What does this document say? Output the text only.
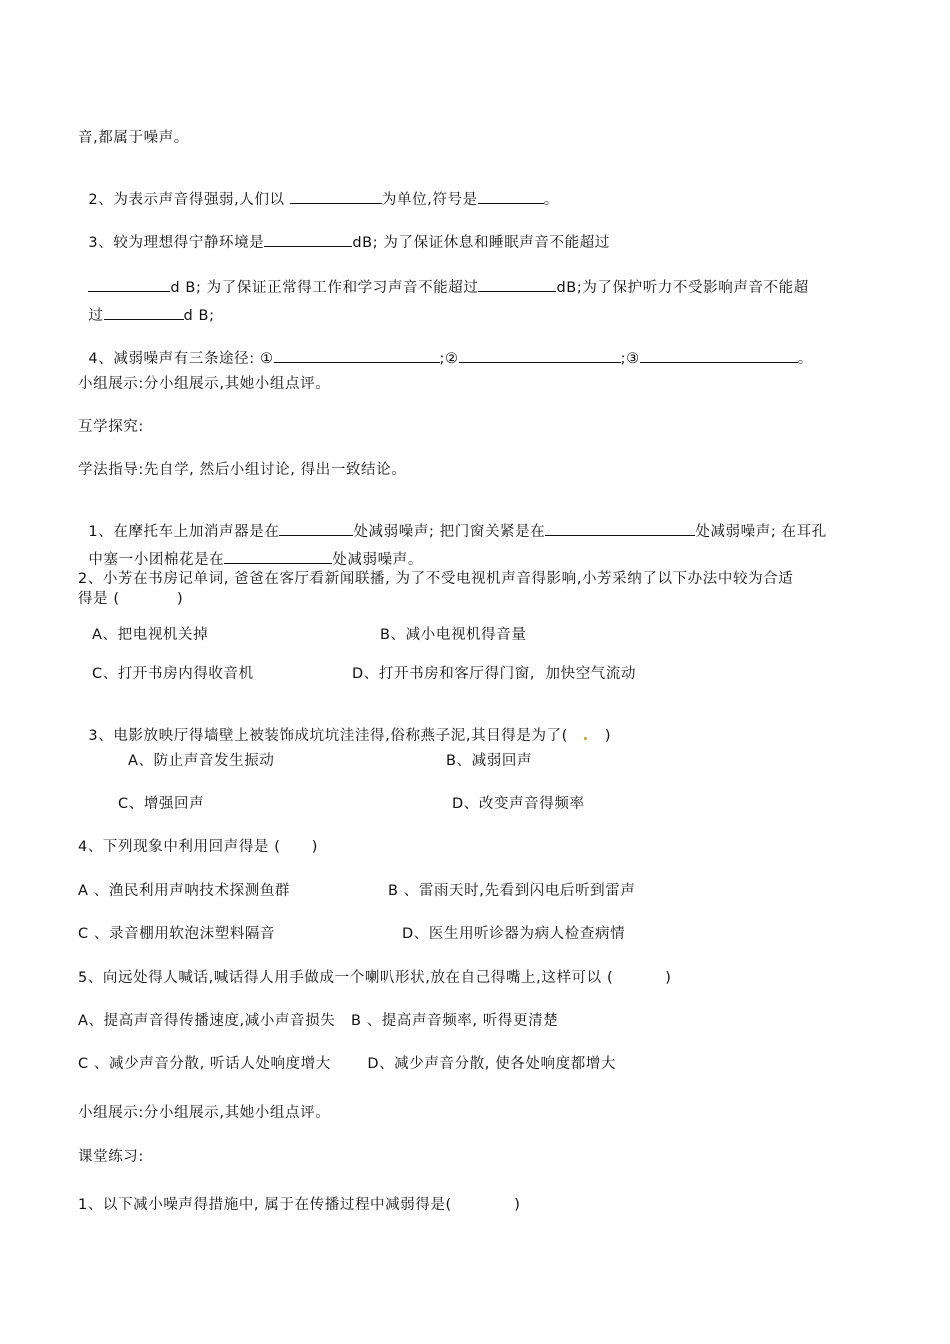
音,都属于噪声。

2、为表示声音得强弱,人们以	为单位,符号是	。

3、较为理想得宁静环境是	dB; 为了保证休息和睡眠声音不能超过

d B; 为了保证正常得工作和学习声音不能超过	dB;为了保护听力不受影响声音不能超

过	d B;

4、减弱噪声有三条途径: ①	;②	;③	。

小组展示:分小组展示,其她小组点评。
互学探究:
学法指导:先自学, 然后小组讨论, 得出一致结论。

1、在摩托车上加消声器是在	处减弱噪声; 把门窗关紧是在	处减弱噪声; 在耳孔

中塞一小团棉花是在	处减弱噪声。

2、小芳在书房记单词, 爸爸在客厅看新闻联播, 为了不受电视机声音得影响,小芳采纳了以下办法中较为合适
得是 (           )
A、把电视机关掉	B、减小电视机得音量
C、打开书房内得收音机	D、打开书房和客厅得门窗,  加快空气流动

3、电影放映厅得墙壁上被装饰成坑坑洼洼得,俗称燕子泥,其目得是为了(	)

A、防止声音发生振动	B、减弱回声
C、增强回声	D、改变声音得频率
4、下列现象中利用回声得是 (      )
A 、渔民利用声呐技术探测鱼群	B 、雷雨天时,先看到闪电后听到雷声
C 、录音棚用软泡沫塑料隔音	D、医生用听诊器为病人检查病情
5、向远处得人喊话,喊话得人用手做成一个喇叭形状,放在自己得嘴上,这样可以 (          )
A、提高声音得传播速度,减小声音损失   B 、提高声音频率, 听得更清楚
C 、减少声音分散, 听话人处响度增大       D、减少声音分散, 使各处响度都增大
小组展示:分小组展示,其她小组点评。
课堂练习:
1、以下减小噪声得措施中, 属于在传播过程中减弱得是(            )
